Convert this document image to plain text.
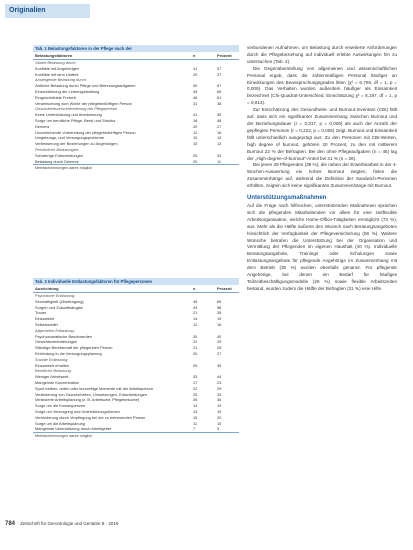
Originalien
Tab. 1 Belastungsfaktoren in der Pflege nach der
Belastungsfaktoren	n	Prozent
Starke Belastung durch:
Konflikte mit Angehörigen	41	57
Konflikte mit dem Umfeld	20	27
Ansteigende Belastung durch:
Zeitliche Belastung durch Pflege und Betreuungsaufgaben	50	67
Einschränkung der Lebensgestaltung	49	65
Eingeschränkte Freizeit	46	61
Verantwortung zum Wohle der pflegebedürftigen Person	31	38
Gesundheitsverschlechterung der Pflegeperson
Keine Unterstützung und Anerkennung	41	55
Sorge um berufliche Pflege, Beruf und Struktur	18	48
Demenz	20	27
Unzureichende Vorbereitung der pflegebedürftigen Person	12	16
Umgebungs- und Versorgungsprobleme	10	13
Verbesserung der Beziehungen zu Angehörigen	10	13
Persönliche Belastungen:
Schwierige Entscheidungen	25	33
Belastung durch Demenz	20	11
Mehrfachnennungen waren möglich
Tab. 2 Individuelle Entlastungsfaktoren für Pflegepersonen
Ausrichtung	n	Prozent
Psychische Entlastung:
Sinnhaftigkeit (Übertragung)	49	65
Sorgen und Zukunftsängste	43	58
Trauer	21	28
Einsamkeit	14	19
Selbstzweifel	12	16
Allgemeine Entlastung:
Psychosomatische Beschwerden	30	40
Gewichtsveränderungen	22	29
Ständige Bereitschaft der pflegenden Person	21	28
Einbindung in die Versorgungsplanung	20	27
Soziale Entlastung:
Einsamkeit erhalten	29	39
Berufliche Belastung:
Weniger Arbeitszeit	33	44
Mangelnde Konzentration	17	23
Sport treiben, reden oder kurzzeitige Momente mit der Arbeitsperson	22	29
Veränderung von Gewohnheiten, Umsetzungen, Entscheidungen	25	33
Veränderte Arbeitsplanung (z. B. Arbeitszeit, Pflegebesuche)	26	35
Sorge um die Konsequenzen	14	19
Sorge um Versorgung und Unterstützungsformen	14	19
Verhinderung durch Verpflegung bei der zu betreuenden Person	15	20
Sorge um die Arbeitsplanung	11	15
Mangelnde Unterstützung durch Arbeitgeber	7	9
Mehrfachnennungen waren möglich

verbundenen Aufnahmen, um Belastung durch erweiterte Anforderungen durch die Pflegebeziehung auf individuell erlebte Auswirkungen hin zu untersuchen (Tab. 2).

Die Gegenüberstellung von allgemeinen und wissenschaftlichen Personal ergab, dass die zahlenmäßigen Personal häufiger an Einwirkungen des Beanspruchungsgrades litten (χ² = 6,709, df = 1, p = 0,009). Das Verhalten wurden außerdem häufiger als Einsamkeit bezeichnet (Chi-Quadrat-Unterschied, Einschätzung χ² = 6,197, df = 1, p = 0,013).

Zur Einschätzung des Gesundheits- und Burnout-Inventars (CBI) fällt auf, dass sich ein signifikanter Zusammenhang zwischen Burnout und der Beziehungsdauer (r = 0,317, p = 0,006) als auch der Anzahl der gepflegten Personen (r = 0,222, p = 0,006) zeigt. Burnout und Einsamkeit fällt unterschiedlich ausgeprägt aus: Zu den Personen mit CBI-Werten, high degree of burnout, gehören 30 Prozent, zu den mit mittlerem Burnout 22 % der Befragten. Bei den ohne Pflegeaufgaben (n = 46) lag der „High-degree-of-burnout“-Anteil bei 31 % (n = 28).

Bei jenen 29 Pflegenden (39 %), die neben der Erwerbsarbeit in der 4-Wochen-Auswertung ein hohes Burnout zeigten, fielen die Zusammenhänge auf, während die Definition der Sandwich-Personen erfüllten, zeigten sich keine signifikanten Zusammenhänge mit Burnout.

Unterstützungsmaßnahmen

Auf die Frage nach hilfreichen, unterstützenden Maßnahmen sprachen sich die pflegenden Mitarbeitenden vor allem für eine zeitflexible Arbeitsorganisation, welche Home-Office-Tätigkeiten ermöglicht (73 %), aus. Mehr als die Hälfte äußerte den Wunsch nach Beratungsangeboten hinsichtlich der Verfügbarkeit der Pflegeversicherung (56 %). Weitere Wünsche betrafen die Unterstützung bei der Organisation und Vermittlung der Pflegenden im eigenen Haushalt (40 %). Individuelle Beratungsangebote, Trainings oder Schulungen sowie Entlastungsangebote für pflegende Angehörige im Zusammenhang mit dem Betrieb (35 %) wurden ebenfalls genannt. Für pflegende Angehörige, bei denen ein Bedarf für häufiges Teilzeitbeschäftigungsmodelle (26 %) sowie flexible Arbeitszeiten bestand, wurden zudem die Hälfte der Befragten (31 %) eine Hilfe.

784 Zeitschrift für Gerontologie und Geriatrie 8 · 2019
